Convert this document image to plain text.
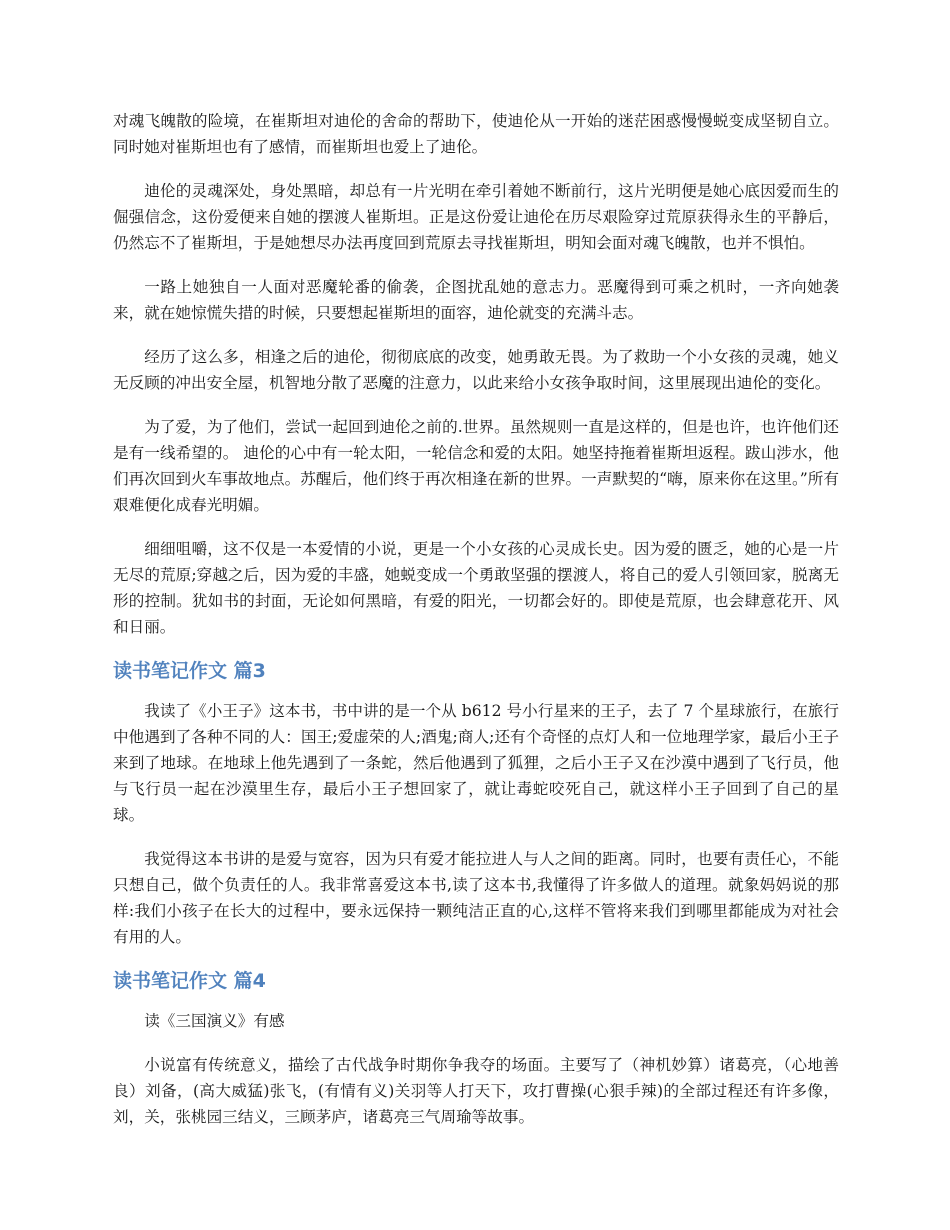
对魂飞魄散的险境，在崔斯坦对迪伦的舍命的帮助下，使迪伦从一开始的迷茫困惑慢慢蜕变成坚韧自立。同时她对崔斯坦也有了感情，而崔斯坦也爱上了迪伦。

迪伦的灵魂深处，身处黑暗，却总有一片光明在牵引着她不断前行，这片光明便是她心底因爱而生的倔强信念，这份爱便来自她的摆渡人崔斯坦。正是这份爱让迪伦在历尽艰险穿过荒原获得永生的平静后，仍然忘不了崔斯坦，于是她想尽办法再度回到荒原去寻找崔斯坦，明知会面对魂飞魄散，也并不惧怕。

一路上她独自一人面对恶魔轮番的偷袭，企图扰乱她的意志力。恶魔得到可乘之机时，一齐向她袭来，就在她惊慌失措的时候，只要想起崔斯坦的面容，迪伦就变的充满斗志。

经历了这么多，相逢之后的迪伦，彻彻底底的改变，她勇敢无畏。为了救助一个小女孩的灵魂，她义无反顾的冲出安全屋，机智地分散了恶魔的注意力，以此来给小女孩争取时间，这里展现出迪伦的变化。

为了爱，为了他们，尝试一起回到迪伦之前的.世界。虽然规则一直是这样的，但是也许，也许他们还是有一线希望的。 迪伦的心中有一轮太阳，一轮信念和爱的太阳。她坚持拖着崔斯坦返程。跋山涉水，他们再次回到火车事故地点。苏醒后，他们终于再次相逢在新的世界。一声默契的“嗨，原来你在这里。”所有艰难便化成春光明媚。

细细咀嚼，这不仅是一本爱情的小说，更是一个小女孩的心灵成长史。因为爱的匮乏，她的心是一片无尽的荒原;穿越之后，因为爱的丰盛，她蜕变成一个勇敢坚强的摆渡人，将自己的爱人引领回家，脱离无形的控制。犹如书的封面，无论如何黑暗，有爱的阳光，一切都会好的。即使是荒原，也会肆意花开、风和日丽。

读书笔记作文 篇3

我读了《小王子》这本书，书中讲的是一个从 b612 号小行星来的王子，去了 7 个星球旅行，在旅行中他遇到了各种不同的人：国王;爱虚荣的人;酒鬼;商人;还有个奇怪的点灯人和一位地理学家，最后小王子来到了地球。在地球上他先遇到了一条蛇，然后他遇到了狐狸，之后小王子又在沙漠中遇到了飞行员，他与飞行员一起在沙漠里生存，最后小王子想回家了，就让毒蛇咬死自己，就这样小王子回到了自己的星球。

我觉得这本书讲的是爱与宽容，因为只有爱才能拉进人与人之间的距离。同时，也要有责任心，不能只想自己，做个负责任的人。我非常喜爱这本书,读了这本书,我懂得了许多做人的道理。就象妈妈说的那样:我们小孩子在长大的过程中，要永远保持一颗纯洁正直的心,这样不管将来我们到哪里都能成为对社会有用的人。

读书笔记作文 篇4

读《三国演义》有感

小说富有传统意义，描绘了古代战争时期你争我夺的场面。主要写了（神机妙算）诸葛亮，（心地善良）刘备，(高大威猛)张飞，(有情有义)关羽等人打天下，攻打曹操(心狠手辣)的全部过程还有许多像，刘，关，张桃园三结义，三顾茅庐，诸葛亮三气周瑜等故事。
